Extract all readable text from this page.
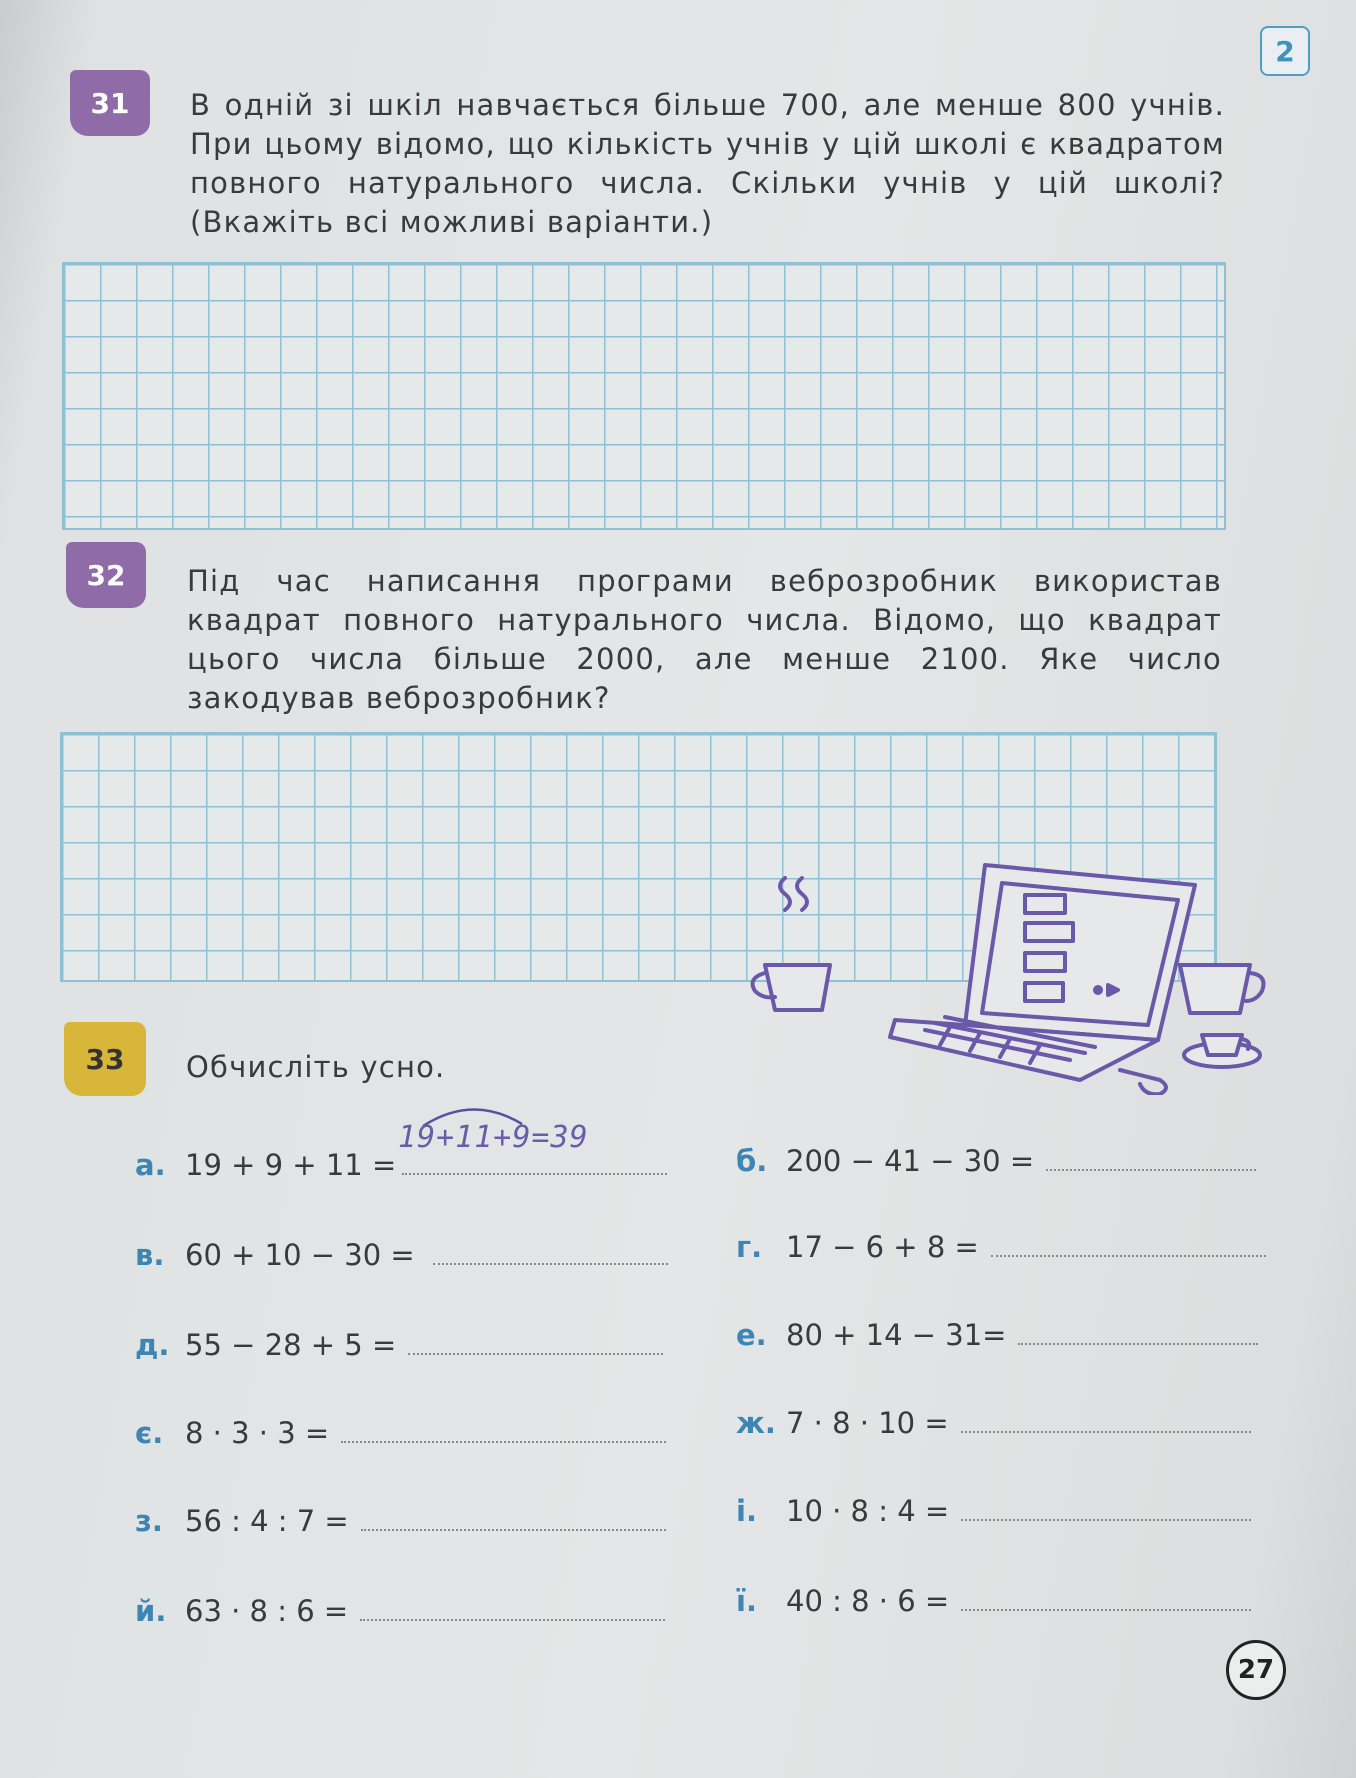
2
31	В одній зі шкіл навчається більше 700, але менше 800 учнів. При цьому відомо, що кількість учнів у цій школі є квадратом повного натурального числа. Скільки учнів у цій школі? (Вкажіть всі можливі варіанти.)
32	Під час написання програми веброзробник використав квадрат повного натурального числа. Відомо, що квадрат цього числа більше 2000, але менше 2100. Яке число закодував веброзробник?
33	Обчисліть усно.
а. 19 + 9 + 11 =
19+11+9=39
б. 200 − 41 − 30 =
в. 60 + 10 − 30 =	г. 17 − 6 + 8 =
д. 55 − 28 + 5 =	е. 80 + 14 − 31=
є. 8 · 3 · 3 =	ж. 7 · 8 · 10 =
з. 56 : 4 : 7 =	і.	10 · 8 : 4 =
й. 63 · 8 : 6 =	ї.	40 : 8 · 6 =
27
